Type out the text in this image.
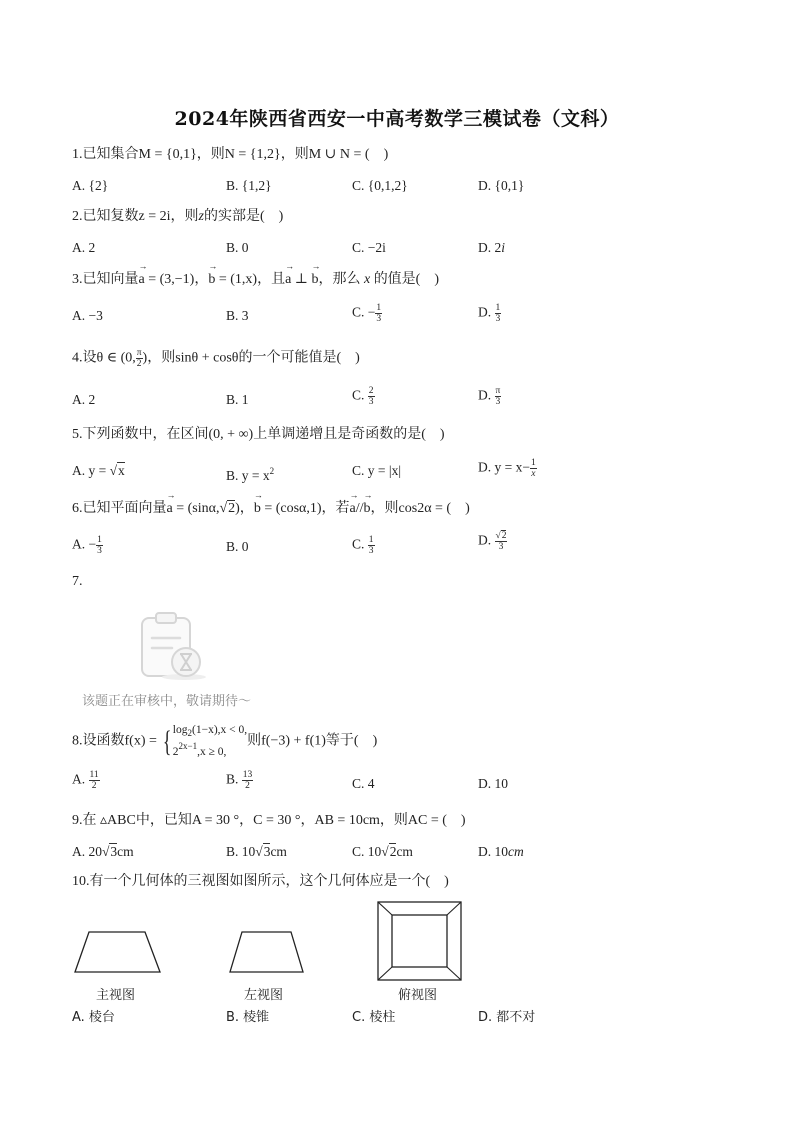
2024年陕西省西安一中高考数学三模试卷（文科）
1.已知集合M = {0,1}，则N = {1,2}，则M ∪ N = (　)
A. {2}	B. {1,2}	C. {0,1,2}	D. {0,1}
2.已知复数z = 2i，则z的实部是(　)
A. 2	B. 0	C. −2i	D. 2i
3.已知向量→ a = (3,−1)，→ b = (1,x)，且→ a ⊥ → b，那么 x 的值是(　)
A. −3	B. 3	C. − $\frac{1}{3}$	D. $\frac{1}{3}$
4.设θ ∈ (0, $\frac{\pi}{2}$ )，则sinθ + cosθ的一个可能值是(　)
A. 2	B. 1	C. $\frac{2}{3}$	D. $\frac{\pi}{3}$
5.下列函数中，在区间(0, + ∞)上单调递增且是奇函数的是(　)
A. y = √x	B. $y = x^2$	C. y = |x|	D. $y = x- \frac{1}{x}$
6.已知平面向量→ a = (sinα,√2)，→ b = (cosα,1)，若→ a//→ b，则cos2α = (　)
A. − $\frac{1}{3}$	B. 0	C. $\frac{1}{3}$	D. $\frac{√2}{3}$
7.
该题正在审核中，敬请期待～
8.设函数$f(x) = \{\log_2(1-x),x < 0$,
$2^{2x-1},x \ge 0$,则f(−3) + f(1)等于(　)
A. $\frac{11}{2}$	B. $\frac{13}{2}$	C. 4	D. 10
9.在 ▵ABC中，已知A = 30 °，C = 30 °，AB = 10cm，则AC = (　)
A. 20√3cm	B. 10√3cm	C. 10√2cm	D. 10cm
10.有一个几何体的三视图如图所示，这个几何体应是一个(　)
主视图	左视图	俯视图
A. 棱台	B. 棱锥	C. 棱柱	D. 都不对
